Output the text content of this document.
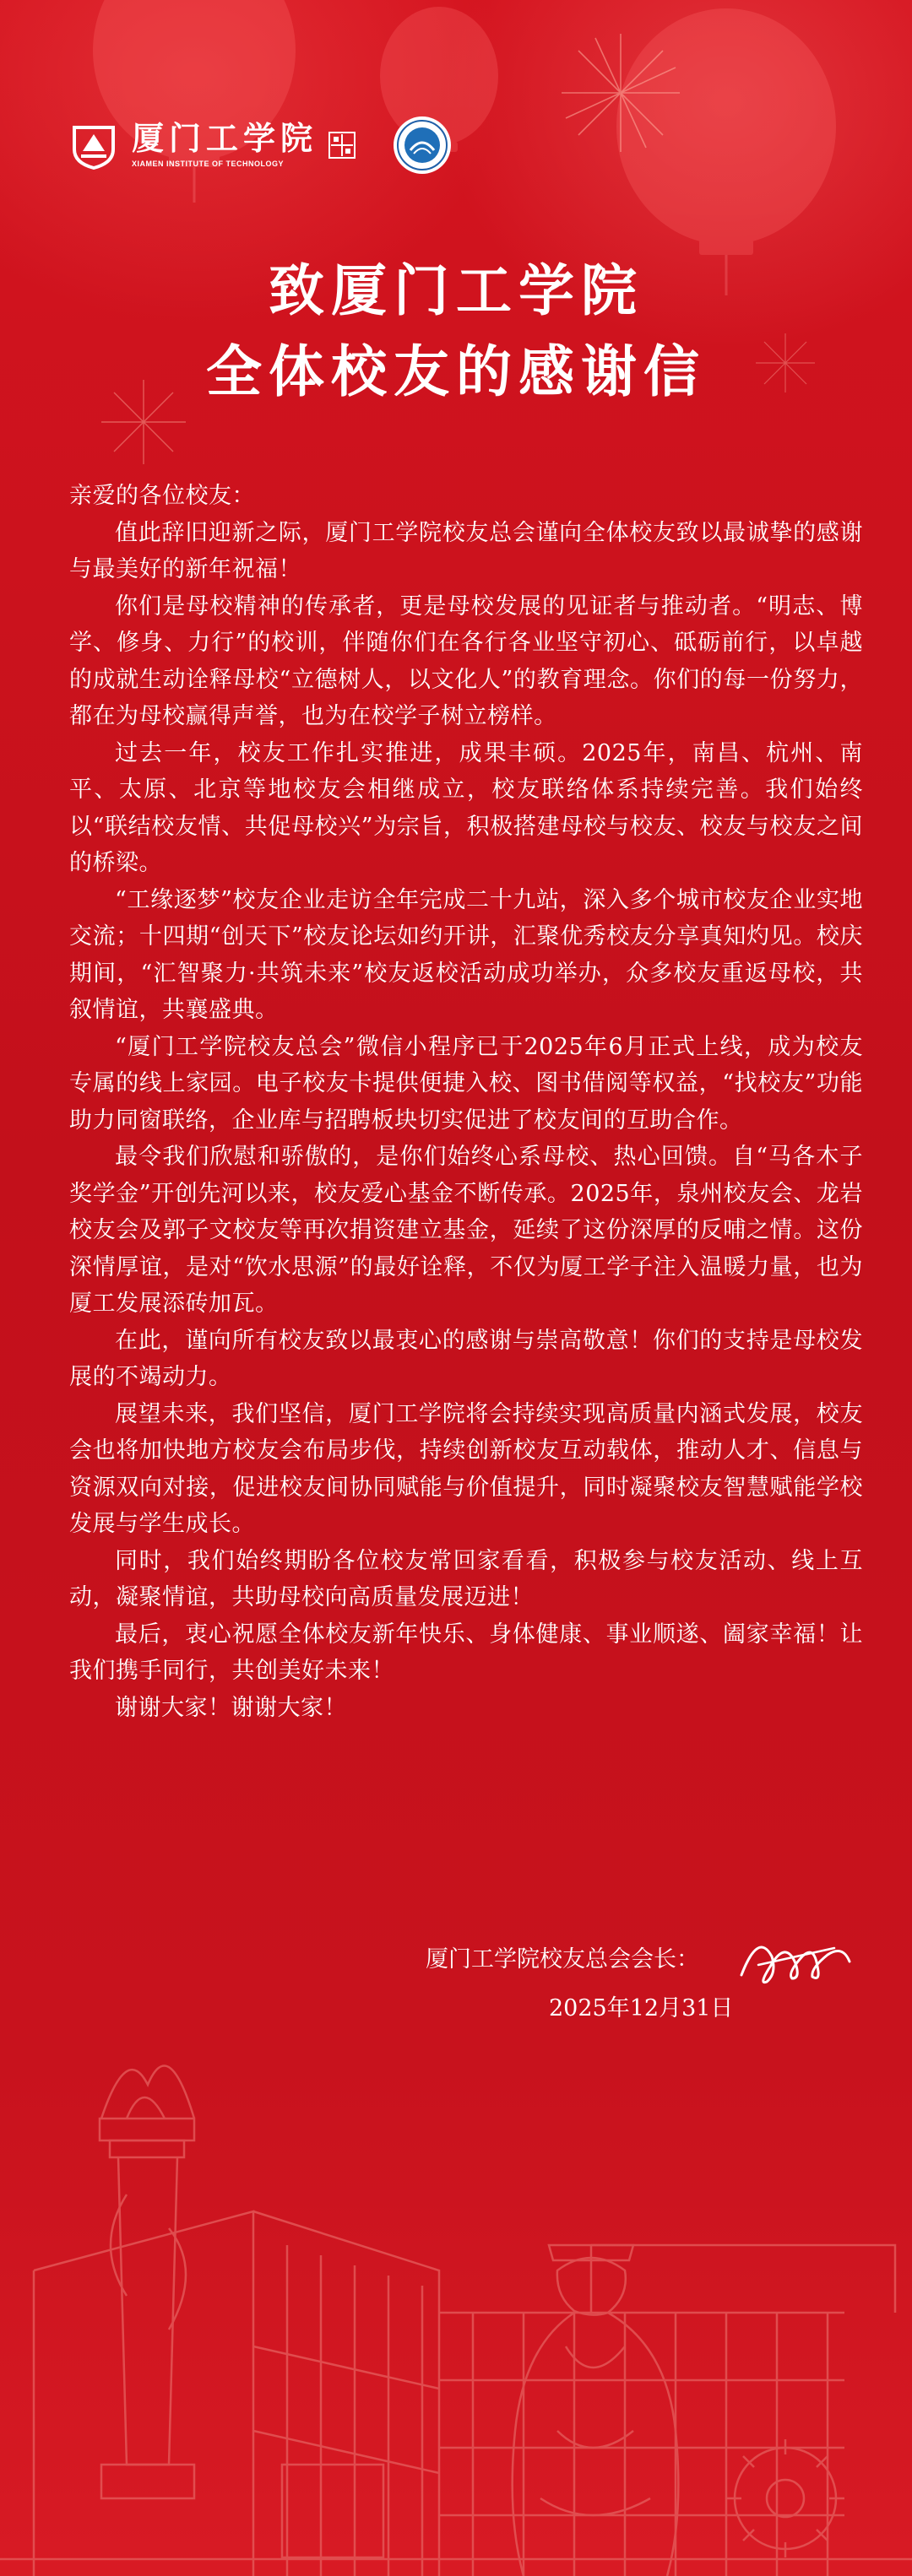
厦门工学院
XIAMEN INSTITUTE OF TECHNOLOGY
致厦门工学院
全体校友的感谢信

亲爱的各位校友：

值此辞旧迎新之际，厦门工学院校友总会谨向全体校友致以最诚挚的感谢与最美好的新年祝福！

你们是母校精神的传承者，更是母校发展的见证者与推动者。“明志、博学、修身、力行”的校训，伴随你们在各行各业坚守初心、砥砺前行，以卓越的成就生动诠释母校“立德树人，以文化人”的教育理念。你们的每一份努力，都在为母校赢得声誉，也为在校学子树立榜样。

过去一年，校友工作扎实推进，成果丰硕。2025年，南昌、杭州、南平、太原、北京等地校友会相继成立，校友联络体系持续完善。我们始终以“联结校友情、共促母校兴”为宗旨，积极搭建母校与校友、校友与校友之间的桥梁。

“工缘逐梦”校友企业走访全年完成二十九站，深入多个城市校友企业实地交流；十四期“创天下”校友论坛如约开讲，汇聚优秀校友分享真知灼见。校庆期间，“汇智聚力·共筑未来”校友返校活动成功举办，众多校友重返母校，共叙情谊，共襄盛典。

“厦门工学院校友总会”微信小程序已于2025年6月正式上线，成为校友专属的线上家园。电子校友卡提供便捷入校、图书借阅等权益，“找校友”功能助力同窗联络，企业库与招聘板块切实促进了校友间的互助合作。

最令我们欣慰和骄傲的，是你们始终心系母校、热心回馈。自“马各木子奖学金”开创先河以来，校友爱心基金不断传承。2025年，泉州校友会、龙岩校友会及郭子文校友等再次捐资建立基金，延续了这份深厚的反哺之情。这份深情厚谊，是对“饮水思源”的最好诠释，不仅为厦工学子注入温暖力量，也为厦工发展添砖加瓦。

在此，谨向所有校友致以最衷心的感谢与崇高敬意！你们的支持是母校发展的不竭动力。

展望未来，我们坚信，厦门工学院将会持续实现高质量内涵式发展，校友会也将加快地方校友会布局步伐，持续创新校友互动载体，推动人才、信息与资源双向对接，促进校友间协同赋能与价值提升，同时凝聚校友智慧赋能学校发展与学生成长。

同时，我们始终期盼各位校友常回家看看，积极参与校友活动、线上互动，凝聚情谊，共助母校向高质量发展迈进！

最后，衷心祝愿全体校友新年快乐、身体健康、事业顺遂、阖家幸福！让我们携手同行，共创美好未来！

谢谢大家！谢谢大家！

厦门工学院校友总会会长：
2025年12月31日
